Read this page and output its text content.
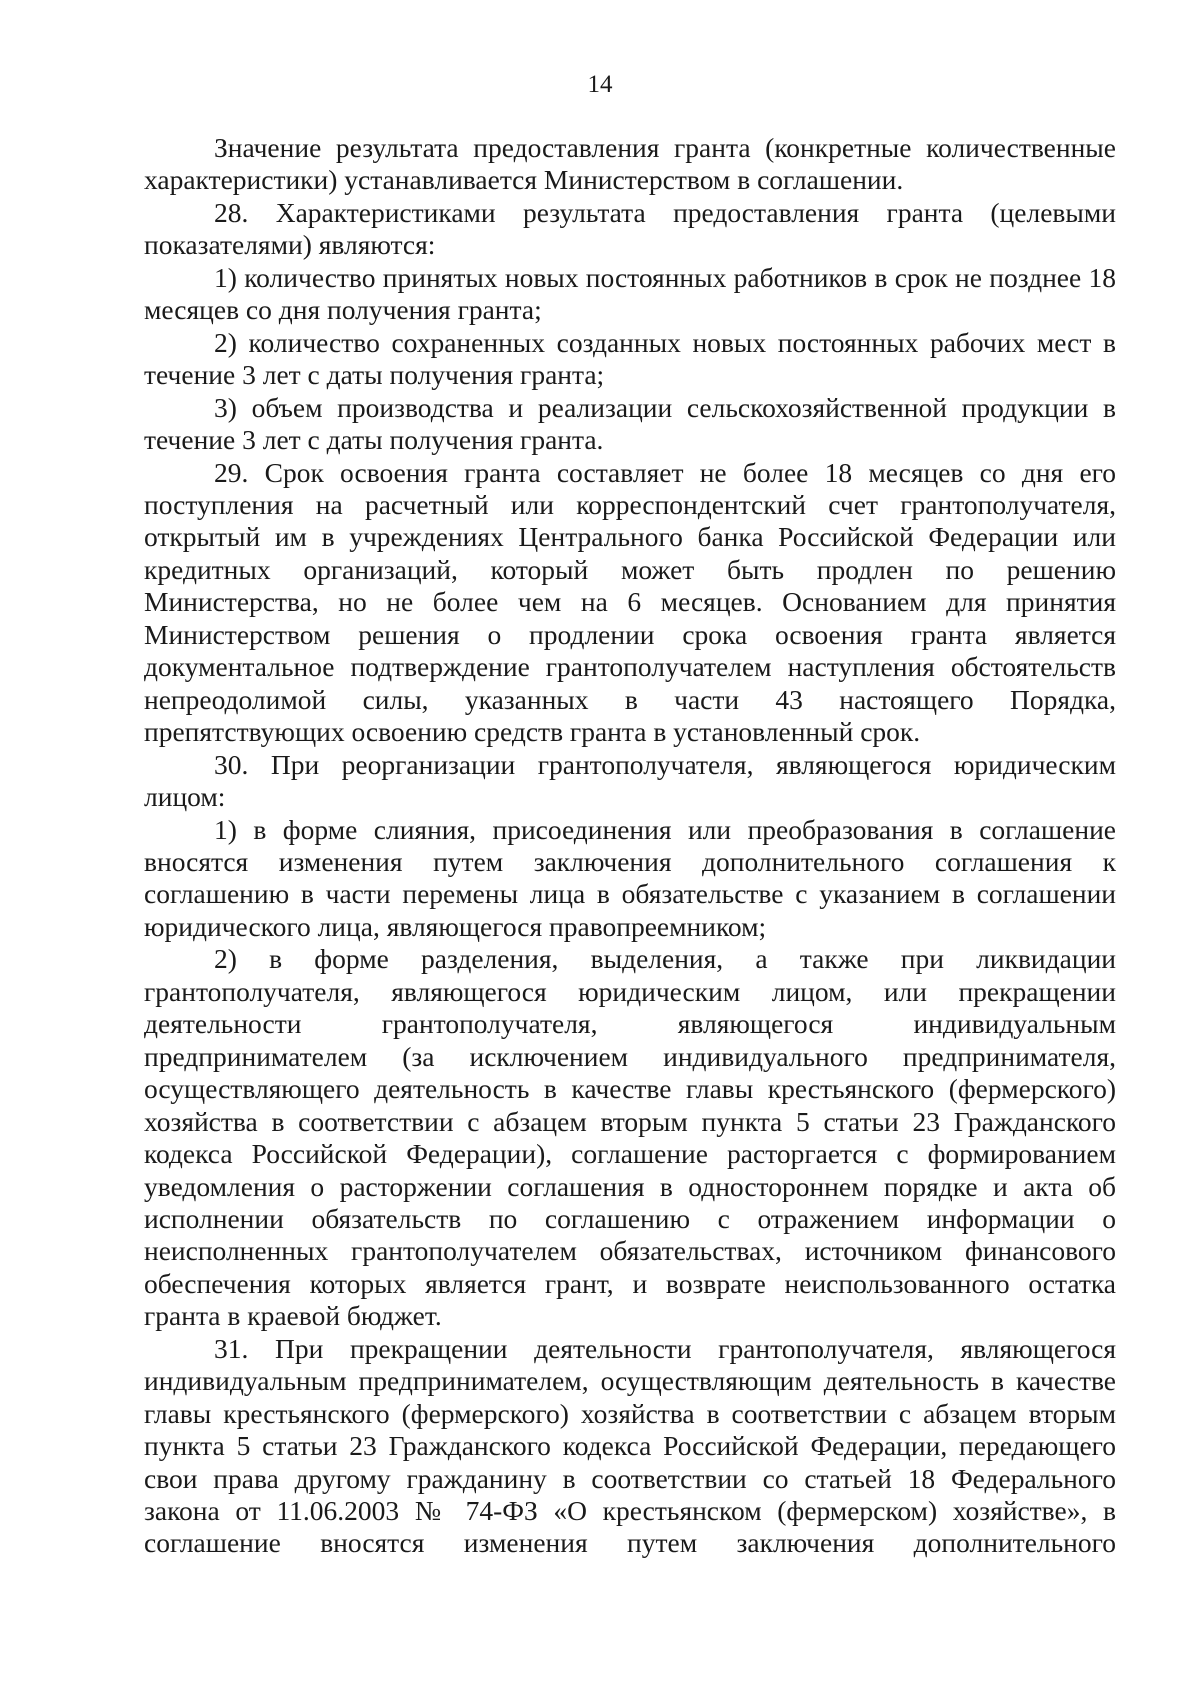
14

Значение результата предоставления гранта (конкретные количественные характеристики) устанавливается Министерством в соглашении.

28. Характеристиками результата предоставления гранта (целевыми показателями) являются:

1) количество принятых новых постоянных работников в срок не позднее 18 месяцев со дня получения гранта;

2) количество сохраненных созданных новых постоянных рабочих мест в течение 3 лет с даты получения гранта;

3) объем производства и реализации сельскохозяйственной продукции в течение 3 лет с даты получения гранта.

29. Срок освоения гранта составляет не более 18 месяцев со дня его поступления на расчетный или корреспондентский счет грантополучателя, открытый им в учреждениях Центрального банка Российской Федерации или кредитных организаций, который может быть продлен по решению Министерства, но не более чем на 6 месяцев. Основанием для принятия Министерством решения о продлении срока освоения гранта является документальное подтверждение грантополучателем наступления обстоятельств непреодолимой силы, указанных в части 43 настоящего Порядка, препятствующих освоению средств гранта в установленный срок.

30. При реорганизации грантополучателя, являющегося юридическим лицом:

1) в форме слияния, присоединения или преобразования в соглашение вносятся изменения путем заключения дополнительного соглашения к соглашению в части перемены лица в обязательстве с указанием в соглашении юридического лица, являющегося правопреемником;

2) в форме разделения, выделения, а также при ликвидации грантополучателя, являющегося юридическим лицом, или прекращении деятельности грантополучателя, являющегося индивидуальным предпринимателем (за исключением индивидуального предпринимателя, осуществляющего деятельность в качестве главы крестьянского (фермерского) хозяйства в соответствии с абзацем вторым пункта 5 статьи 23 Гражданского кодекса Российской Федерации), соглашение расторгается с формированием уведомления о расторжении соглашения в одностороннем порядке и акта об исполнении обязательств по соглашению с отражением информации о неисполненных грантополучателем обязательствах, источником финансового обеспечения которых является грант, и возврате неиспользованного остатка гранта в краевой бюджет.

31. При прекращении деятельности грантополучателя, являющегося индивидуальным предпринимателем, осуществляющим деятельность в качестве главы крестьянского (фермерского) хозяйства в соответствии с абзацем вторым пункта 5 статьи 23 Гражданского кодекса Российской Федерации, передающего свои права другому гражданину в соответствии со статьей 18 Федерального закона от 11.06.2003 № 74-ФЗ «О крестьянском (фермерском) хозяйстве», в соглашение вносятся изменения путем заключения дополнительного
